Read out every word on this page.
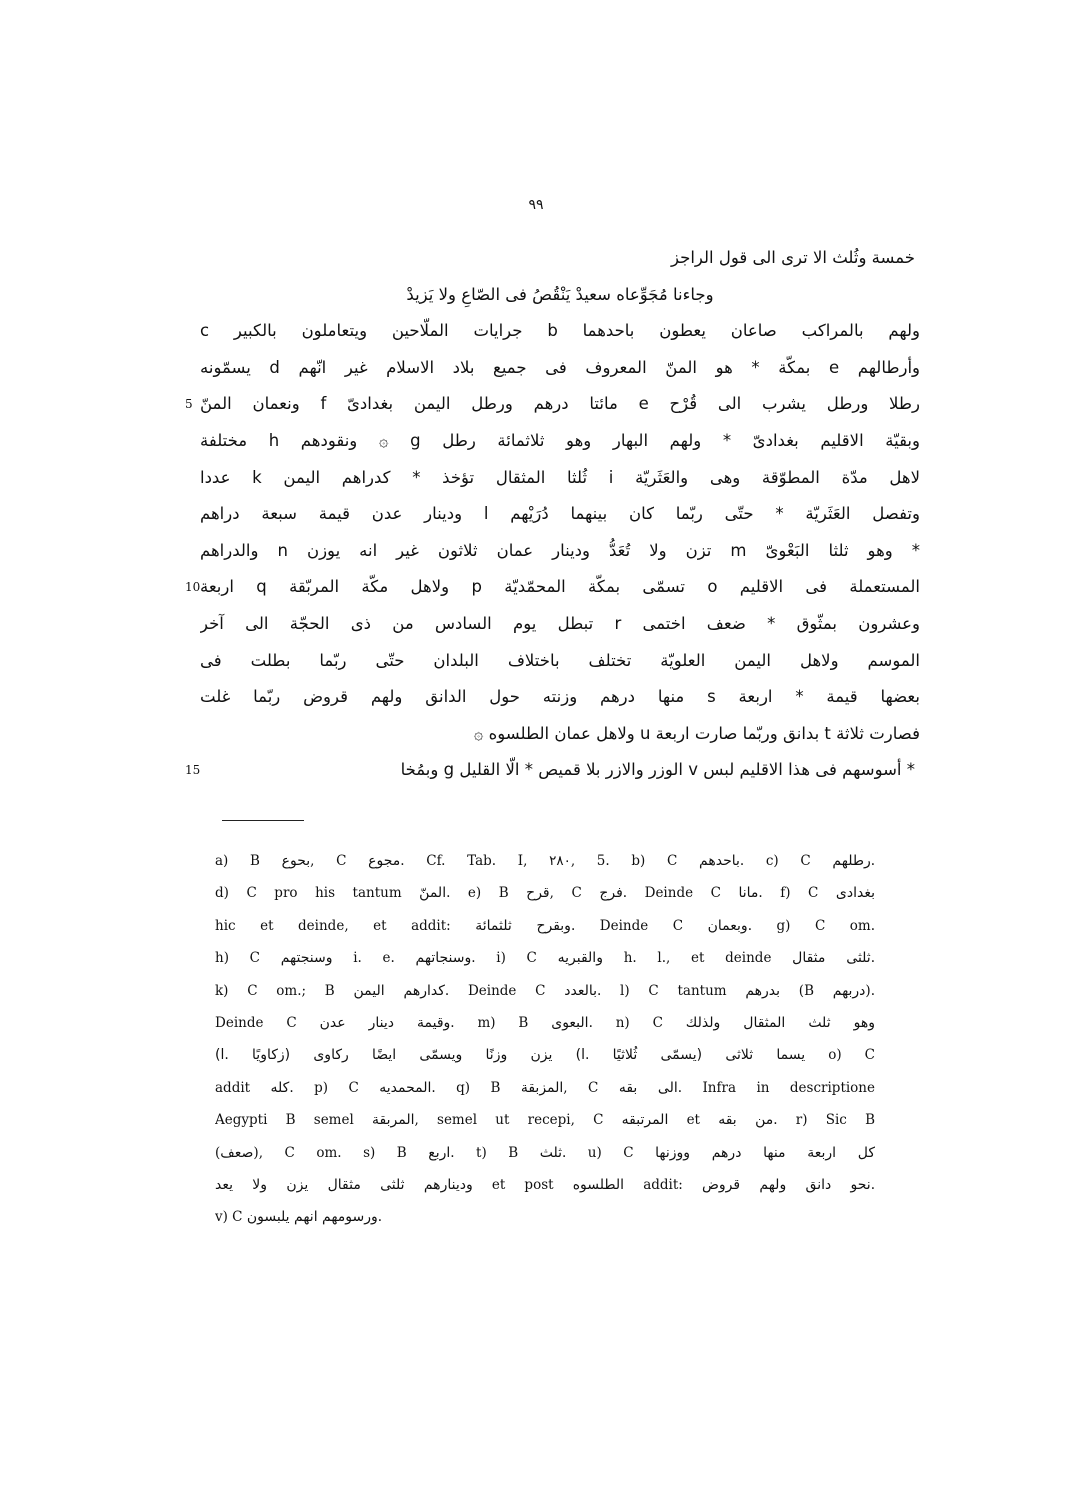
٩٩
خمسة وثُلث الا ترى الى قول الراجز
وجاءنا مُجَوِّعاه سعيدْ يَنْقُصُ فى الصّاعِ ولا يَزيدْ
ولهم بالمراكب صاعان يعطون باحدهما b جرايات الملّاحين ويتعاملون بالكبير c
وأرطالهم e بمكّة * هو المنّ المعروف فى جميع بلاد الاسلام غير انّهم d يسمّونه
رطلا ورطل يشرب الى قُرْح e مائتا درهم ورطل اليمن بغدادىّ f ونعمان المنّ
وبقيّة الاقليم بغدادىّ * ولهم البهار وهو ثلاثمائة رطل g ۞ ونقودهم h مختلفة
لاهل مدّة المطوّقة وهى والعَثَريّة i ثُلثا المثقال تؤخذ * كدراهم اليمن k عددا
وتفصل العَثَريّة * حتّى ربّما كان بينهما دُرَيْهم l ودينار عدن قيمة سبعة دراهم
* وهو ثلثا البَعْوىّ m تزن ولا تُعَدُّ ودينار عمان ثلاثون غير انه يوزن n والدراهم
المستعملة فى الاقليم o تسمّى بمكّة المحمّديّة p ولاهل مكّة المربّقة q اربعة
وعشرون بمثّوق * ضعف اختمى r تبطل يوم السادس من ذى الحجّة الى آخر
الموسم ولاهل اليمن العلويّة تختلف باختلاف البلدان حتّى ربّما بطلت فى
بعضها قيمة * اربعة s منها درهم وزنته حول الدانق ولهم قروض ربّما غلت
فصارت ثلاثة t بدانق وربّما صارت اربعة u ولاهل عمان الطلسوه ۞
* أسوسهم فى هذا الاقليم لبس v الوزر والازر بلا قميص * الّا القليل g وبمُخا
a) B بحوع, C مجوع. Cf. Tab. I, ٢٨٠, 5. b) C باحدهم. c) C رطلهم.
d) C pro his tantum المنّ. e) B قرح, C فرج. Deinde C مانا. f) C بغدادى
hic et deinde, et addit: وبقرح ثلثمائة. Deinde C وبعمان. g) C om.
h) C وسنجتهم i. e. وسنجاتهم. i) C والقبريه h. l., et deinde ثلثى مثقال.
k) C om.; B كدارهم اليمن. Deinde C بالعدد. l) C tantum بدرهم (B دربهم).
Deinde C وقيمة دينار عدن. m) B البعوى. n) C وهو ثلث المثقال ولذلك
يسما ثلاثى (يسمّى ثُلاثيًا .l) يزن وزنًا ويسمّى ايضًا ركاوى (زكاويًا .l) o) C
addit كله. p) C المحمديه. q) B المزبقة, C الى بقه. Infra in descriptione
Aegypti B semel المربقة, semel ut recepi, C المرتبقه et من بقه. r) Sic B
(صعف), C om. s) B اربع. t) B ثلث. u) C كل اربعة منها درهم ووزنها
ودينارهم ثلثى مثقال يزن ولا يعد et post الطلسوه addit: نحو دانق ولهم قروض.
v) C ورسومهم انهم يلبسون.
5
10
15
